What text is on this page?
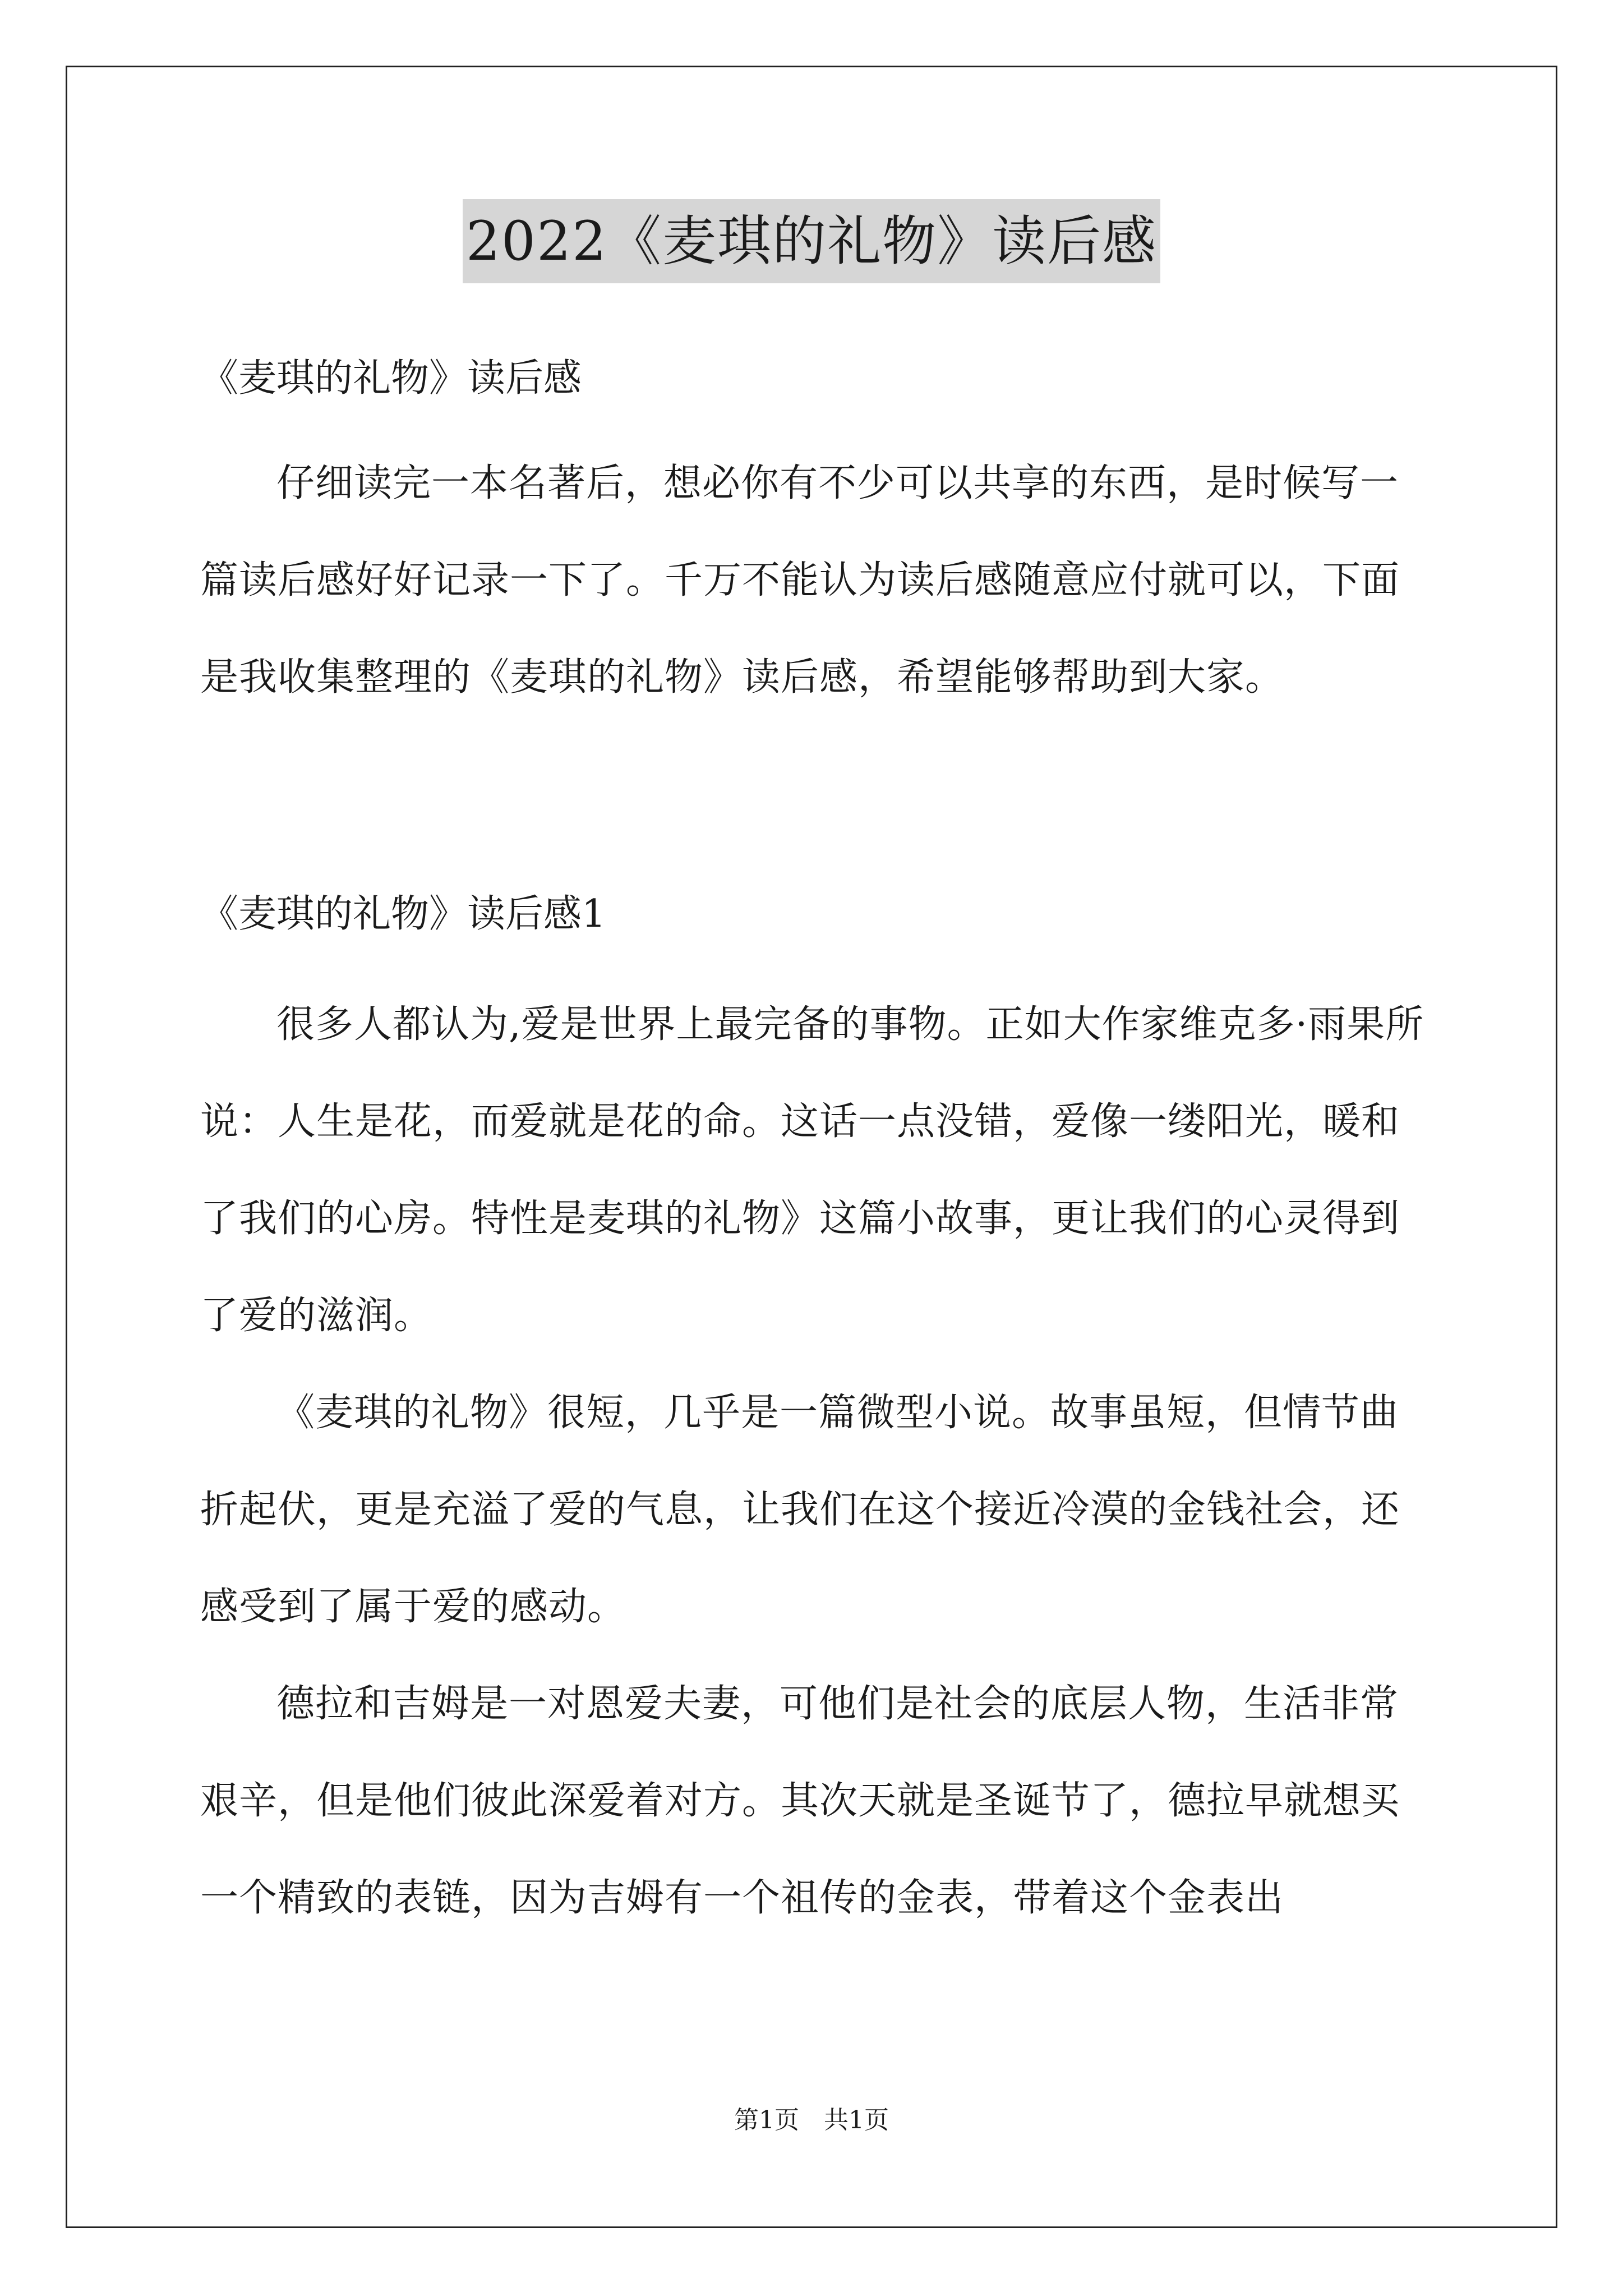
2022《麦琪的礼物》读后感

《麦琪的礼物》读后感

仔细读完一本名著后，想必你有不少可以共享的东西，是时候写一篇读后感好好记录一下了。千万不能认为读后感随意应付就可以，下面是我收集整理的《麦琪的礼物》读后感，希望能够帮助到大家。

《麦琪的礼物》读后感1

很多人都认为,爱是世界上最完备的事物。正如大作家维克多·雨果所说：人生是花，而爱就是花的命。这话一点没错，爱像一缕阳光，暖和了我们的心房。特性是麦琪的礼物》这篇小故事，更让我们的心灵得到了爱的滋润。

《麦琪的礼物》很短，几乎是一篇微型小说。故事虽短，但情节曲折起伏，更是充溢了爱的气息，让我们在这个接近冷漠的金钱社会，还感受到了属于爱的感动。

德拉和吉姆是一对恩爱夫妻，可他们是社会的底层人物，生活非常艰辛，但是他们彼此深爱着对方。其次天就是圣诞节了，德拉早就想买一个精致的表链，因为吉姆有一个祖传的金表，带着这个金表出

第1页 共1页
